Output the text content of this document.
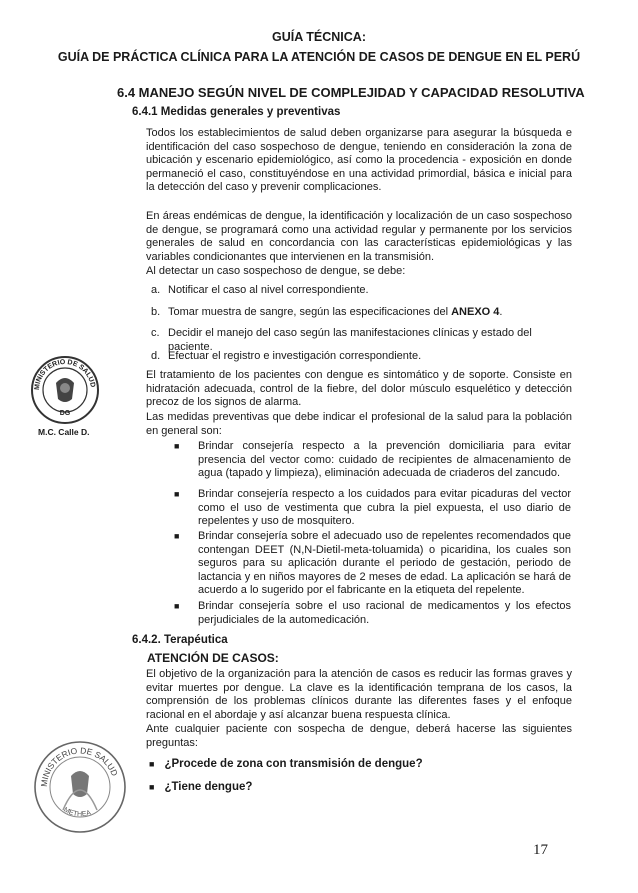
GUÍA TÉCNICA:
GUÍA DE PRÁCTICA CLÍNICA PARA LA ATENCIÓN DE CASOS DE DENGUE EN EL PERÚ
6.4 MANEJO SEGÚN NIVEL DE COMPLEJIDAD Y CAPACIDAD RESOLUTIVA
6.4.1 Medidas generales y preventivas
Todos los establecimientos de salud deben organizarse para asegurar la búsqueda e identificación del caso sospechoso de dengue, teniendo en consideración la zona de ubicación y escenario epidemiológico, así como la procedencia - exposición en donde permaneció el caso, constituyéndose en una actividad primordial, básica e inicial para la detección del caso y prevenir complicaciones.
En áreas endémicas de dengue, la identificación y localización de un caso sospechoso de dengue, se programará como una actividad regular y permanente por los servicios generales de salud en concordancia con las características epidemiológicas y las variables condicionantes que intervienen en la transmisión.
Al detectar un caso sospechoso de dengue, se debe:
a. Notificar el caso al nivel correspondiente.
b. Tomar muestra de sangre, según las especificaciones del ANEXO 4.
c. Decidir el manejo del caso según las manifestaciones clínicas y estado del paciente.
d. Efectuar el registro e investigación correspondiente.
El tratamiento de los pacientes con dengue es sintomático y de soporte. Consiste en hidratación adecuada, control de la fiebre, del dolor músculo esquelético y detección precoz de los signos de alarma.
Las medidas preventivas que debe indicar el profesional de la salud para la población en general son:
■	Brindar consejería respecto a la prevención domiciliaria para evitar presencia del vector como: cuidado de recipientes de almacenamiento de agua (tapado y limpieza), eliminación adecuada de criaderos del zancudo.
■	Brindar consejería respecto a los cuidados para evitar picaduras del vector como el uso de vestimenta que cubra la piel expuesta, el uso diario de repelentes y uso de mosquitero.
■	Brindar consejería sobre el adecuado uso de repelentes recomendados que contengan DEET (N,N-Dietil-meta-toluamida) o picaridina, los cuales son seguros para su aplicación durante el periodo de gestación, periodo de lactancia y en niños mayores de 2 meses de edad. La aplicación se hará de acuerdo a lo sugerido por el fabricante en la etiqueta del repelente.
■	Brindar consejería sobre el uso racional de medicamentos y los efectos perjudiciales de la automedicación.
6.4.2. Terapéutica
ATENCIÓN DE CASOS:
El objetivo de la organización para la atención de casos es reducir las formas graves y evitar muertes por dengue. La clave es la identificación temprana de los casos, la comprensión de los problemas clínicos durante las diferentes fases y el enfoque racional en el abordaje y así alcanzar buena respuesta clínica.
Ante cualquier paciente con sospecha de dengue, deberá hacerse las siguientes preguntas:
■ ¿Procede de zona con transmisión de dengue?
■ ¿Tiene dengue?
MINISTERIO DE SALUD
DG
M.C. Calle D.
MINISTERIO DE SALUD
METHEA
17
